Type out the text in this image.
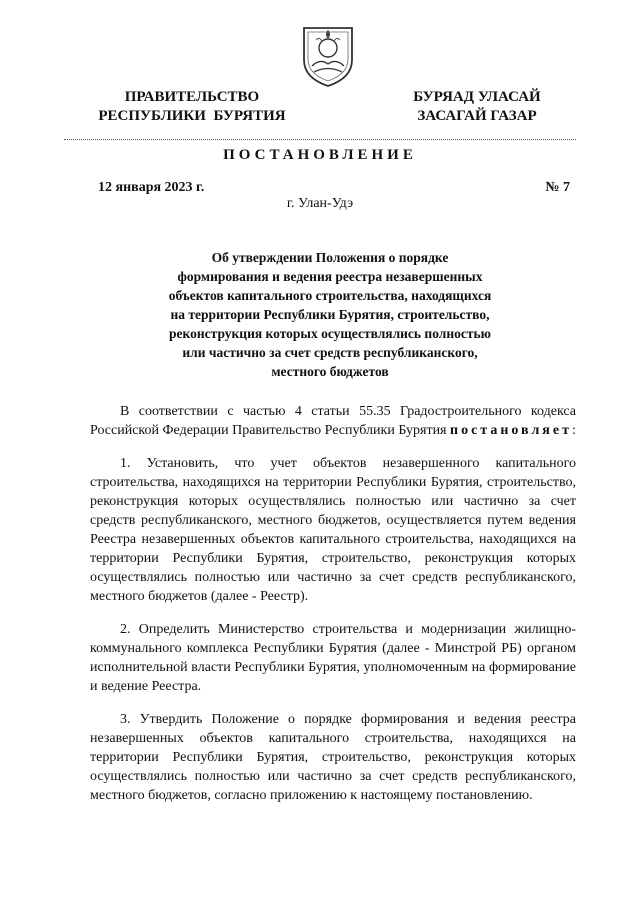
ПРАВИТЕЛЬСТВО
РЕСПУБЛИКИ  БУРЯТИЯ
БУРЯАД УЛАСАЙ
ЗАСАГАЙ ГАЗАР
ПОСТАНОВЛЕНИЕ
12 января 2023 г.	№ 7
г. Улан-Удэ
Об утверждении Положения о порядке
формирования и ведения реестра незавершенных
объектов капитального строительства, находящихся
на территории Республики Бурятия, строительство,
реконструкция которых осуществлялись полностью
или частично за счет средств республиканского,
местного бюджетов

В соответствии с частью 4 статьи 55.35 Градостроительного кодекса Российской Федерации Правительство Республики Бурятия постановляет:

1. Установить, что учет объектов незавершенного капитального строительства, находящихся на территории Республики Бурятия, строительство, реконструкция которых осуществлялись полностью или частично за счет средств республиканского, местного бюджетов, осуществляется путем ведения Реестра незавершенных объектов капитального строительства, находящихся на территории Республики Бурятия, строительство, реконструкция которых осуществлялись полностью или частично за счет средств республиканского, местного бюджетов (далее - Реестр).

2. Определить Министерство строительства и модернизации жилищно-коммунального комплекса Республики Бурятия (далее - Минстрой РБ) органом исполнительной власти Республики Бурятия, уполномоченным на формирование и ведение Реестра.

3. Утвердить Положение о порядке формирования и ведения реестра незавершенных объектов капитального строительства, находящихся на территории Республики Бурятия, строительство, реконструкция которых осуществлялись полностью или частично за счет средств республиканского, местного бюджетов, согласно приложению к настоящему постановлению.
